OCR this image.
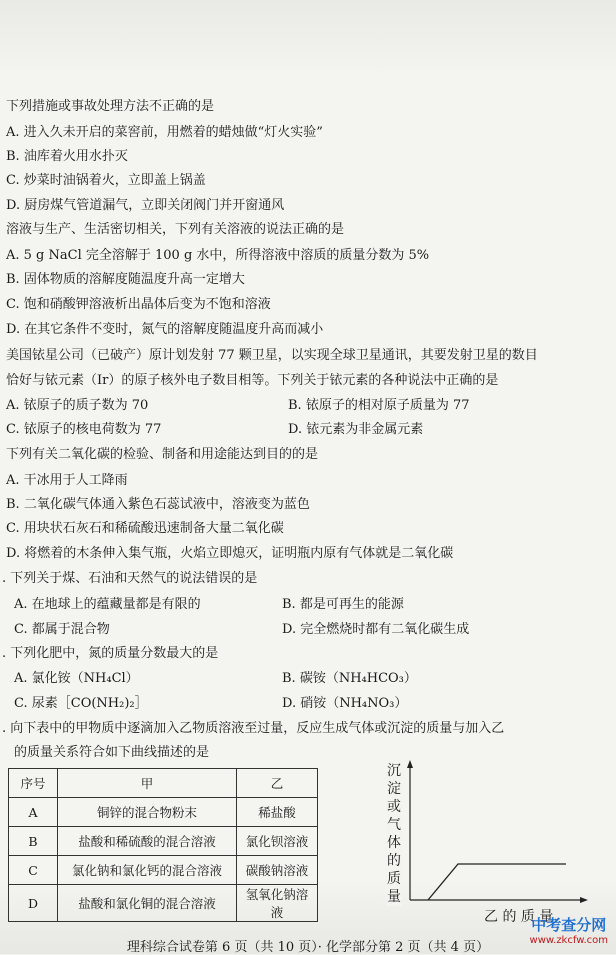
下列措施或事故处理方法不正确的是
A. 进入久未开启的菜窖前，用燃着的蜡烛做“灯火实验”
B. 油库着火用水扑灭
C. 炒菜时油锅着火，立即盖上锅盖
D. 厨房煤气管道漏气，立即关闭阀门并开窗通风
溶液与生产、生活密切相关，下列有关溶液的说法正确的是
A. 5 g NaCl 完全溶解于 100 g 水中，所得溶液中溶质的质量分数为 5%
B. 固体物质的溶解度随温度升高一定增大
C. 饱和硝酸钾溶液析出晶体后变为不饱和溶液
D. 在其它条件不变时，氮气的溶解度随温度升高而减小
美国铱星公司（已破产）原计划发射 77 颗卫星，以实现全球卫星通讯，其要发射卫星的数目
恰好与铱元素（Ir）的原子核外电子数目相等。下列关于铱元素的各种说法中正确的是
A. 铱原子的质子数为 70	B. 铱原子的相对原子质量为 77
C. 铱原子的核电荷数为 77	D. 铱元素为非金属元素
下列有关二氧化碳的检验、制备和用途能达到目的的是
A. 干冰用于人工降雨
B. 二氧化碳气体通入紫色石蕊试液中，溶液变为蓝色
C. 用块状石灰石和稀硫酸迅速制备大量二氧化碳
D. 将燃着的木条伸入集气瓶，火焰立即熄灭，证明瓶内原有气体就是二氧化碳
. 下列关于煤、石油和天然气的说法错误的是
A. 在地球上的蕴藏量都是有限的	B. 都是可再生的能源
C. 都属于混合物	D. 完全燃烧时都有二氧化碳生成
. 下列化肥中，氮的质量分数最大的是
A. 氯化铵（NH₄Cl）	B. 碳铵（NH₄HCO₃）
C. 尿素［CO(NH₂)₂］	D. 硝铵（NH₄NO₃）
. 向下表中的甲物质中逐滴加入乙物质溶液至过量，反应生成气体或沉淀的质量与加入乙
的质量关系符合如下曲线描述的是
序号	甲	乙
A	铜锌的混合物粉末	稀盐酸
B	盐酸和稀硫酸的混合溶液	氯化钡溶液
C	氯化钠和氯化钙的混合溶液	碳酸钠溶液
D	盐酸和氯化铜的混合溶液	氢氧化钠溶液
沉淀或气体的质量
乙 的 质 量
理科综合试卷第 6 页（共 10 页）· 化学部分第 2 页（共 4 页）
中考查分网
www.zkcfw.com
